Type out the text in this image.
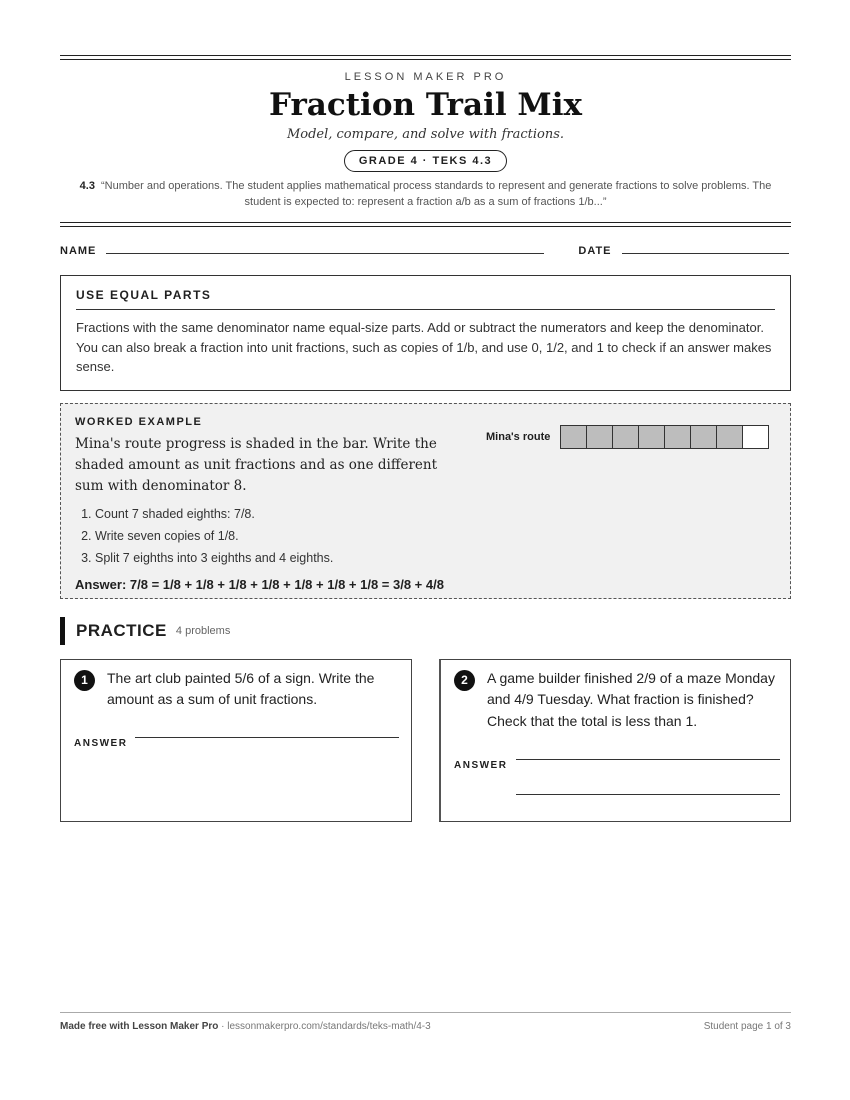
LESSON MAKER PRO
Fraction Trail Mix
Model, compare, and solve with fractions.
GRADE 4 · TEKS 4.3
4.3 “Number and operations. The student applies mathematical process standards to represent and generate fractions to solve problems. The student is expected to: represent a fraction a/b as a sum of fractions 1/b...”
NAME	DATE
USE EQUAL PARTS
Fractions with the same denominator name equal-size parts. Add or subtract the numerators and keep the denominator. You can also break a fraction into unit fractions, such as copies of 1/b, and use 0, 1/2, and 1 to check if an answer makes sense.
WORKED EXAMPLE
Mina's route progress is shaded in the bar. Write the shaded amount as unit fractions and as one different sum with denominator 8.
1. Count 7 shaded eighths: 7/8.
2. Write seven copies of 1/8.
3. Split 7 eighths into 3 eighths and 4 eighths.
Answer: 7/8 = 1/8 + 1/8 + 1/8 + 1/8 + 1/8 + 1/8 + 1/8 = 3/8 + 4/8
Mina's route
PRACTICE 4 problems
1	The art club painted 5/6 of a sign. Write the amount as a sum of unit fractions.
ANSWER
2	A game builder finished 2/9 of a maze Monday and 4/9 Tuesday. What fraction is finished? Check that the total is less than 1.
ANSWER
Made free with Lesson Maker Pro · lessonmakerpro.com/standards/teks-math/4-3	Student page 1 of 3
